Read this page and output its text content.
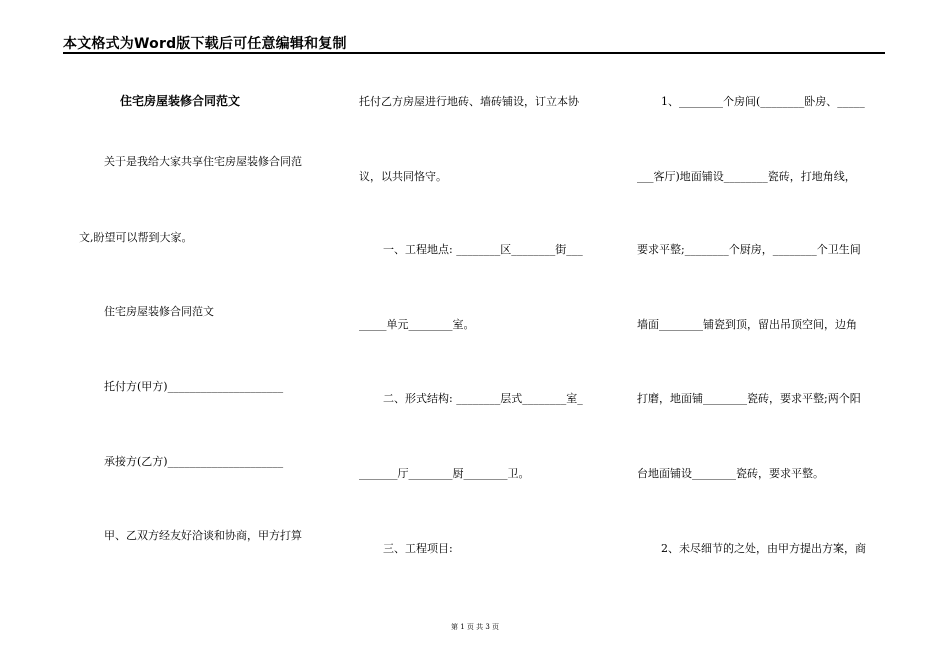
本文格式为Word版下载后可任意编辑和复制
住宅房屋装修合同范文
关于是我给大家共享住宅房屋装修合同范
文,盼望可以帮到大家。
住宅房屋装修合同范文
托付方(甲方)_____________________
承接方(乙方)_____________________
甲、乙双方经友好洽谈和协商，甲方打算
托付乙方房屋进行地砖、墙砖铺设，订立本协
议，以共同恪守。
一、工程地点: ________区________街___
_____单元________室。
二、形式结构: ________层式________室_
_______厅________厨________卫。
三、工程项目:
1、________个房间(________卧房、_____
___客厅)地面铺设________瓷砖，打地角线，
要求平整;________个厨房，________个卫生间
墙面________铺瓷到顶，留出吊顶空间，边角
打磨，地面铺________瓷砖，要求平整;两个阳
台地面铺设________瓷砖，要求平整。
2、未尽细节的之处，由甲方提出方案，商
第 1 页 共 3 页
